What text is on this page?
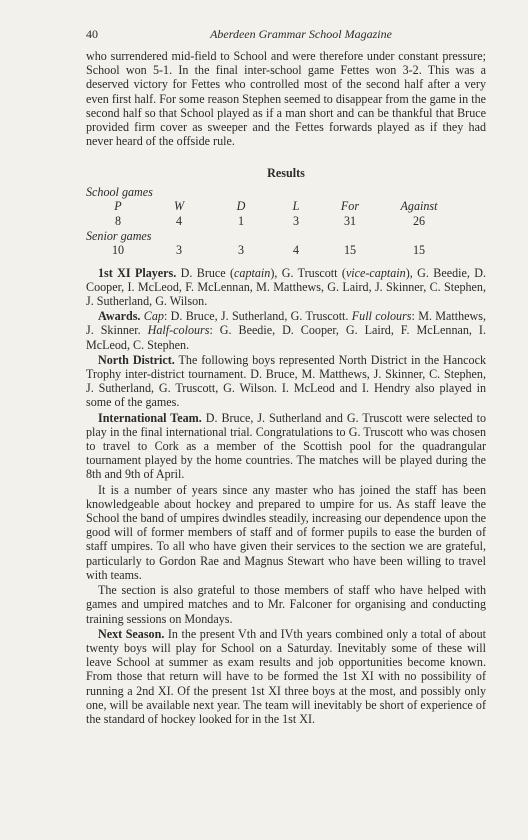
40	Aberdeen Grammar School Magazine

who surrendered mid-field to School and were therefore under constant pressure; School won 5-1. In the final inter-school game Fettes won 3-2. This was a deserved victory for Fettes who controlled most of the second half after a very even first half. For some reason Stephen seemed to disappear from the game in the second half so that School played as if a man short and can be thankful that Bruce provided firm cover as sweeper and the Fettes forwards played as if they had never heard of the offside rule.

Results
School games
P	W	D	L	For	Against
8	4	1	3	31	26
Senior games
10	3	3	4	15	15

1st XI Players. D. Bruce (captain), G. Truscott (vice-captain), G. Beedie, D. Cooper, I. McLeod, F. McLennan, M. Matthews, G. Laird, J. Skinner, C. Stephen, J. Sutherland, G. Wilson.

Awards. Cap: D. Bruce, J. Sutherland, G. Truscott. Full colours: M. Matthews, J. Skinner. Half-colours: G. Beedie, D. Cooper, G. Laird, F. McLennan, I. McLeod, C. Stephen.

North District. The following boys represented North District in the Hancock Trophy inter-district tournament. D. Bruce, M. Matthews, J. Skinner, C. Stephen, J. Sutherland, G. Truscott, G. Wilson. I. McLeod and I. Hendry also played in some of the games.

International Team. D. Bruce, J. Sutherland and G. Truscott were selected to play in the final international trial. Congratulations to G. Truscott who was chosen to travel to Cork as a member of the Scottish pool for the quadrangular tournament played by the home countries. The matches will be played during the 8th and 9th of April.

It is a number of years since any master who has joined the staff has been knowledgeable about hockey and prepared to umpire for us. As staff leave the School the band of umpires dwindles steadily, increasing our dependence upon the good will of former members of staff and of former pupils to ease the burden of staff umpires. To all who have given their services to the section we are grateful, particularly to Gordon Rae and Magnus Stewart who have been willing to travel with teams.

The section is also grateful to those members of staff who have helped with games and umpired matches and to Mr. Falconer for organising and conducting training sessions on Mondays.

Next Season. In the present Vth and IVth years combined only a total of about twenty boys will play for School on a Saturday. Inevitably some of these will leave School at summer as exam results and job opportunities become known. From those that return will have to be formed the 1st XI with no possibility of running a 2nd XI. Of the present 1st XI three boys at the most, and possibly only one, will be available next year. The team will inevitably be short of experience of the standard of hockey looked for in the 1st XI.
